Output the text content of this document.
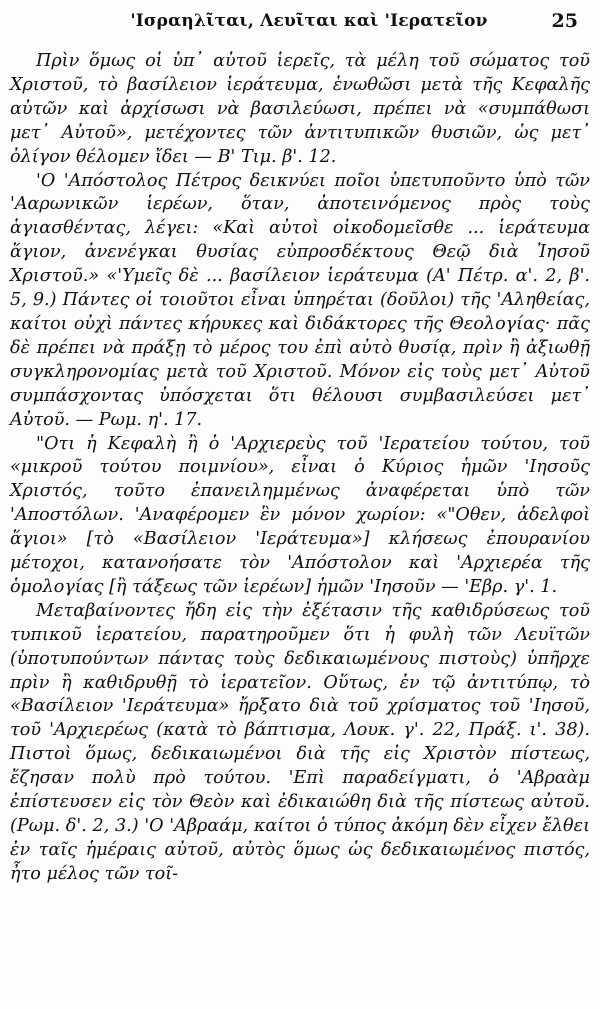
'Ισραηλῖται, Λευῖται καὶ 'Ιερατεῖον	25

Πρὶν ὅμως οἱ ὑπ᾽ αὐτοῦ ἱερεῖς, τὰ μέλη τοῦ σώματος τοῦ Χριστοῦ, τὸ βασίλειον ἱεράτευμα, ἑνωθῶσι μετὰ τῆς Κεφαλῆς αὐτῶν καὶ ἀρχίσωσι νὰ βασιλεύωσι, πρέπει νὰ «συμπάθωσι μετ᾽ Αὐτοῦ», μετέχοντες τῶν ἀντιτυπικῶν θυσιῶν, ὡς μετ᾽ ὀλίγον θέλομεν ἴδει — Β' Τιμ. β'. 12.

'Ο 'Απόστολος Πέτρος δεικνύει ποῖοι ὑπετυποῦντο ὑπὸ τῶν 'Ααρωνικῶν ἱερέων, ὅταν, ἀποτεινόμενος πρὸς τοὺς ἁγιασθέντας, λέγει: «Καὶ αὐτοὶ οἰκοδομεῖσθε ... ἱεράτευμα ἅγιον, ἀνενέγκαι θυσίας εὐπροσδέκτους Θεῷ διὰ Ἰησοῦ Χριστοῦ.» «'Υμεῖς δὲ ... βασίλειον ἱεράτευμα (Α' Πέτρ. α'. 2, β'. 5, 9.) Πάντες οἱ τοιοῦτοι εἶναι ὑπηρέται (δοῦλοι) τῆς 'Αληθείας, καίτοι οὐχὶ πάντες κήρυκες καὶ διδάκτορες τῆς Θεολογίας· πᾶς δὲ πρέπει νὰ πράξῃ τὸ μέρος του ἐπὶ αὐτὸ θυσίᾳ, πρὶν ἢ ἀξιωθῇ συγκληρονομίας μετὰ τοῦ Χριστοῦ. Μόνον εἰς τοὺς μετ᾽ Αὐτοῦ συμπάσχοντας ὑπόσχεται ὅτι θέλουσι συμβασιλεύσει μετ᾽ Αὐτοῦ. — Ρωμ. η'. 17.

"Οτι ἡ Κεφαλὴ ἢ ὁ 'Αρχιερεὺς τοῦ 'Ιερατείου τούτου, τοῦ «μικροῦ τούτου ποιμνίου», εἶναι ὁ Κύριος ἡμῶν 'Ιησοῦς Χριστός, τοῦτο ἐπανειλημμένως ἀναφέρεται ὑπὸ τῶν 'Αποστόλων. 'Αναφέρομεν ἓν μόνον χωρίον: «"Οθεν, ἀδελφοὶ ἅγιοι» [τὸ «Βασίλειον 'Ιεράτευμα»] κλήσεως ἐπουρανίου μέτοχοι, κατανοήσατε τὸν 'Απόστολον καὶ 'Αρχιερέα τῆς ὁμολογίας [ἢ τάξεως τῶν ἱερέων] ἡμῶν 'Ιησοῦν — 'Εβρ. γ'. 1.

Μεταβαίνοντες ἤδη εἰς τὴν ἐξέτασιν τῆς καθιδρύσεως τοῦ τυπικοῦ ἱερατείου, παρατηροῦμεν ὅτι ἡ φυλὴ τῶν Λευϊτῶν (ὑποτυπούντων πάντας τοὺς δεδικαιωμένους πιστοὺς) ὑπῆρχε πρὶν ἢ καθιδρυθῇ τὸ ἱερατεῖον. Οὕτως, ἐν τῷ ἀντιτύπῳ, τὸ «Βασίλειον 'Ιεράτευμα» ἤρξατο διὰ τοῦ χρίσματος τοῦ 'Ιησοῦ, τοῦ 'Αρχιερέως (κατὰ τὸ βάπτισμα, Λουκ. γ'. 22, Πράξ. ι'. 38). Πιστοὶ ὅμως, δεδικαιωμένοι διὰ τῆς εἰς Χριστὸν πίστεως, ἔζησαν πολὺ πρὸ τούτου. 'Επὶ παραδείγματι, ὁ 'Αβραὰμ ἐπίστευσεν εἰς τὸν Θεὸν καὶ ἐδικαιώθη διὰ τῆς πίστεως αὐτοῦ. (Ρωμ. δ'. 2, 3.) 'Ο 'Αβραάμ, καίτοι ὁ τύπος ἀκόμη δὲν εἶχεν ἔλθει ἐν ταῖς ἡμέραις αὐτοῦ, αὐτὸς ὅμως ὡς δεδικαιωμένος πιστός, ἦτο μέλος τῶν τοῖ-
